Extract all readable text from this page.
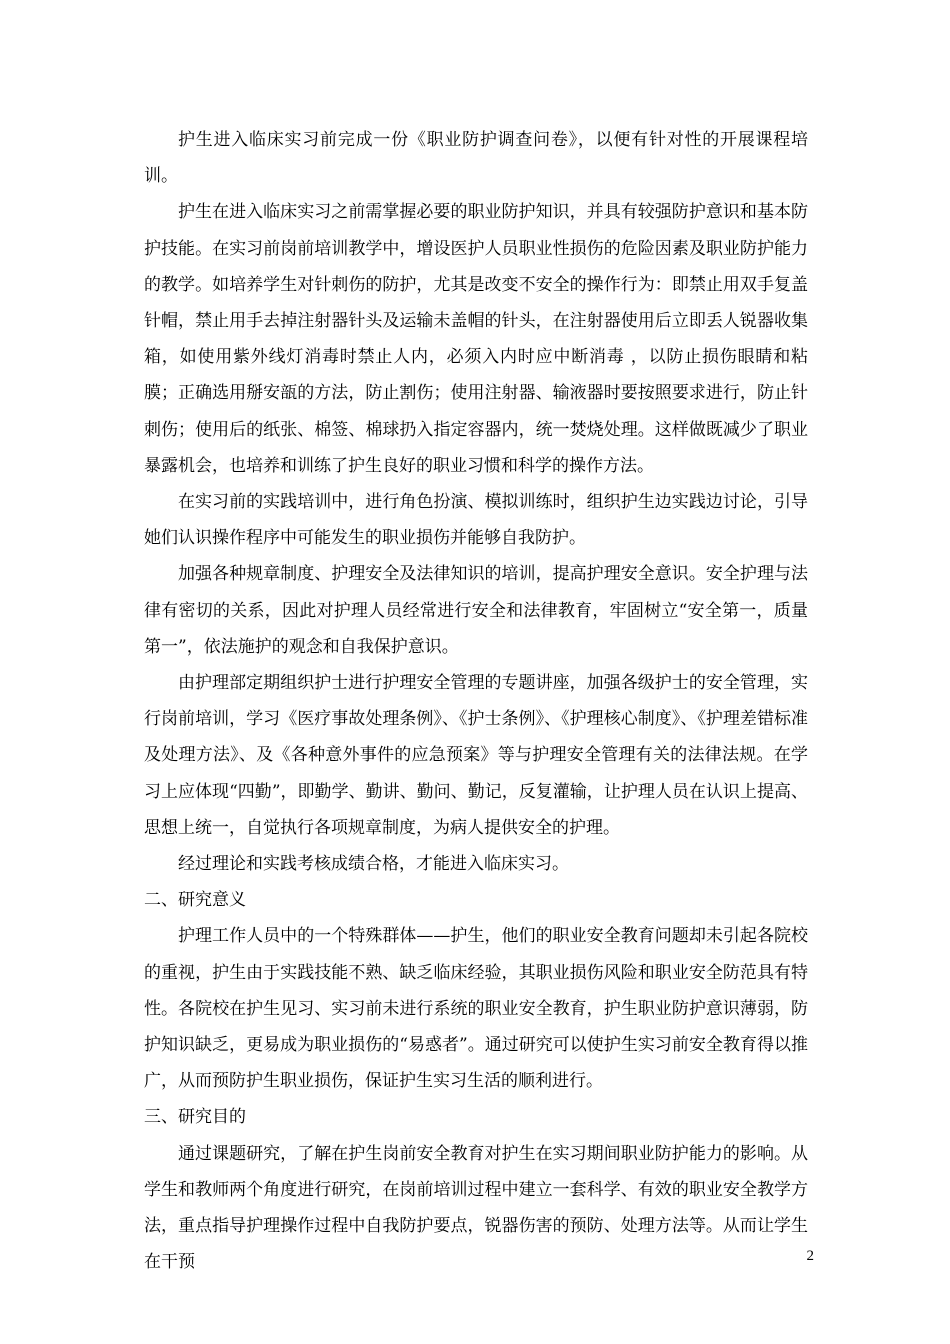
护生进入临床实习前完成一份《职业防护调查问卷》，以便有针对性的开展课程培训。

护生在进入临床实习之前需掌握必要的职业防护知识，并具有较强防护意识和基本防护技能。在实习前岗前培训教学中，增设医护人员职业性损伤的危险因素及职业防护能力的教学。如培养学生对针刺伤的防护，尤其是改变不安全的操作行为：即禁止用双手复盖针帽，禁止用手去掉注射器针头及运输未盖帽的针头，在注射器使用后立即丢人锐器收集箱，如使用紫外线灯消毒时禁止人内，必须入内时应中断消毒 ，以防止损伤眼睛和粘膜；正确选用掰安瓿的方法，防止割伤；使用注射器、输液器时要按照要求进行，防止针刺伤；使用后的纸张、棉签、棉球扔入指定容器内，统一焚烧处理。这样做既减少了职业暴露机会，也培养和训练了护生良好的职业习惯和科学的操作方法。

在实习前的实践培训中，进行角色扮演、模拟训练时，组织护生边实践边讨论，引导她们认识操作程序中可能发生的职业损伤并能够自我防护。

加强各种规章制度、护理安全及法律知识的培训，提高护理安全意识。安全护理与法律有密切的关系，因此对护理人员经常进行安全和法律教育，牢固树立“安全第一，质量第一”，依法施护的观念和自我保护意识。

由护理部定期组织护士进行护理安全管理的专题讲座，加强各级护士的安全管理，实行岗前培训，学习《医疗事故处理条例》、《护士条例》、《护理核心制度》、《护理差错标准及处理方法》、及《各种意外事件的应急预案》等与护理安全管理有关的法律法规。在学习上应体现“四勤”，即勤学、勤讲、勤问、勤记，反复灌输，让护理人员在认识上提高、思想上统一，自觉执行各项规章制度，为病人提供安全的护理。

经过理论和实践考核成绩合格，才能进入临床实习。

二、研究意义

护理工作人员中的一个特殊群体——护生，他们的职业安全教育问题却未引起各院校的重视，护生由于实践技能不熟、缺乏临床经验，其职业损伤风险和职业安全防范具有特性。各院校在护生见习、实习前未进行系统的职业安全教育，护生职业防护意识薄弱，防护知识缺乏，更易成为职业损伤的“易惑者”。通过研究可以使护生实习前安全教育得以推广，从而预防护生职业损伤，保证护生实习生活的顺利进行。

三、研究目的

通过课题研究，了解在护生岗前安全教育对护生在实习期间职业防护能力的影响。从学生和教师两个角度进行研究，在岗前培训过程中建立一套科学、有效的职业安全教学方法，重点指导护理操作过程中自我防护要点，锐器伤害的预防、处理方法等。从而让学生在干预	2
